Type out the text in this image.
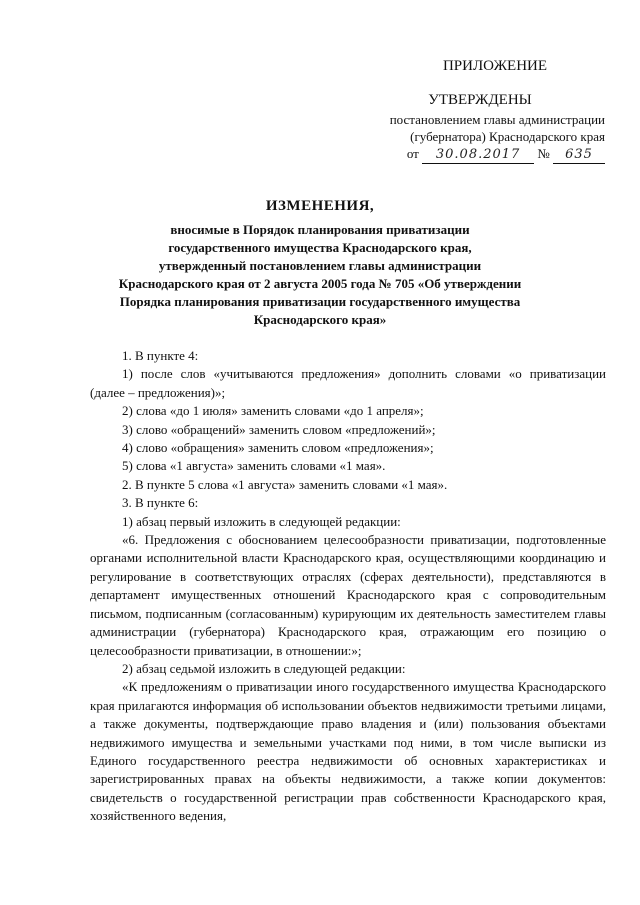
ПРИЛОЖЕНИЕ
УТВЕРЖДЕНЫ
постановлением главы администрации
(губернатора) Краснодарского края
от 30.08.2017 № 635
ИЗМЕНЕНИЯ,
вносимые в Порядок планирования приватизации
государственного имущества Краснодарского края,
утвержденный постановлением главы администрации
Краснодарского края от 2 августа 2005 года № 705 «Об утверждении
Порядка планирования приватизации государственного имущества
Краснодарского края»

1. В пункте 4:

1) после слов «учитываются предложения» дополнить словами «о приватизации (далее – предложения)»;

2) слова «до 1 июля» заменить словами «до 1 апреля»;

3) слово «обращений» заменить словом «предложений»;

4) слово «обращения» заменить словом «предложения»;

5) слова «1 августа» заменить словами «1 мая».

2. В пункте 5 слова «1 августа» заменить словами «1 мая».

3. В пункте 6:

1) абзац первый изложить в следующей редакции:

«6. Предложения с обоснованием целесообразности приватизации, подготовленные органами исполнительной власти Краснодарского края, осуществляющими координацию и регулирование в соответствующих отраслях (сферах деятельности), представляются в департамент имущественных отношений Краснодарского края с сопроводительным письмом, подписанным (согласованным) курирующим их деятельность заместителем главы администрации (губернатора) Краснодарского края, отражающим его позицию о целесообразности приватизации, в отношении:»;

2) абзац седьмой изложить в следующей редакции:

«К предложениям о приватизации иного государственного имущества Краснодарского края прилагаются информация об использовании объектов недвижимости третьими лицами, а также документы, подтверждающие право владения и (или) пользования объектами недвижимого имущества и земельными участками под ними, в том числе выписки из Единого государственного реестра недвижимости об основных характеристиках и зарегистрированных правах на объекты недвижимости, а также копии документов: свидетельств о государственной регистрации прав собственности Краснодарского края, хозяйственного ведения,
